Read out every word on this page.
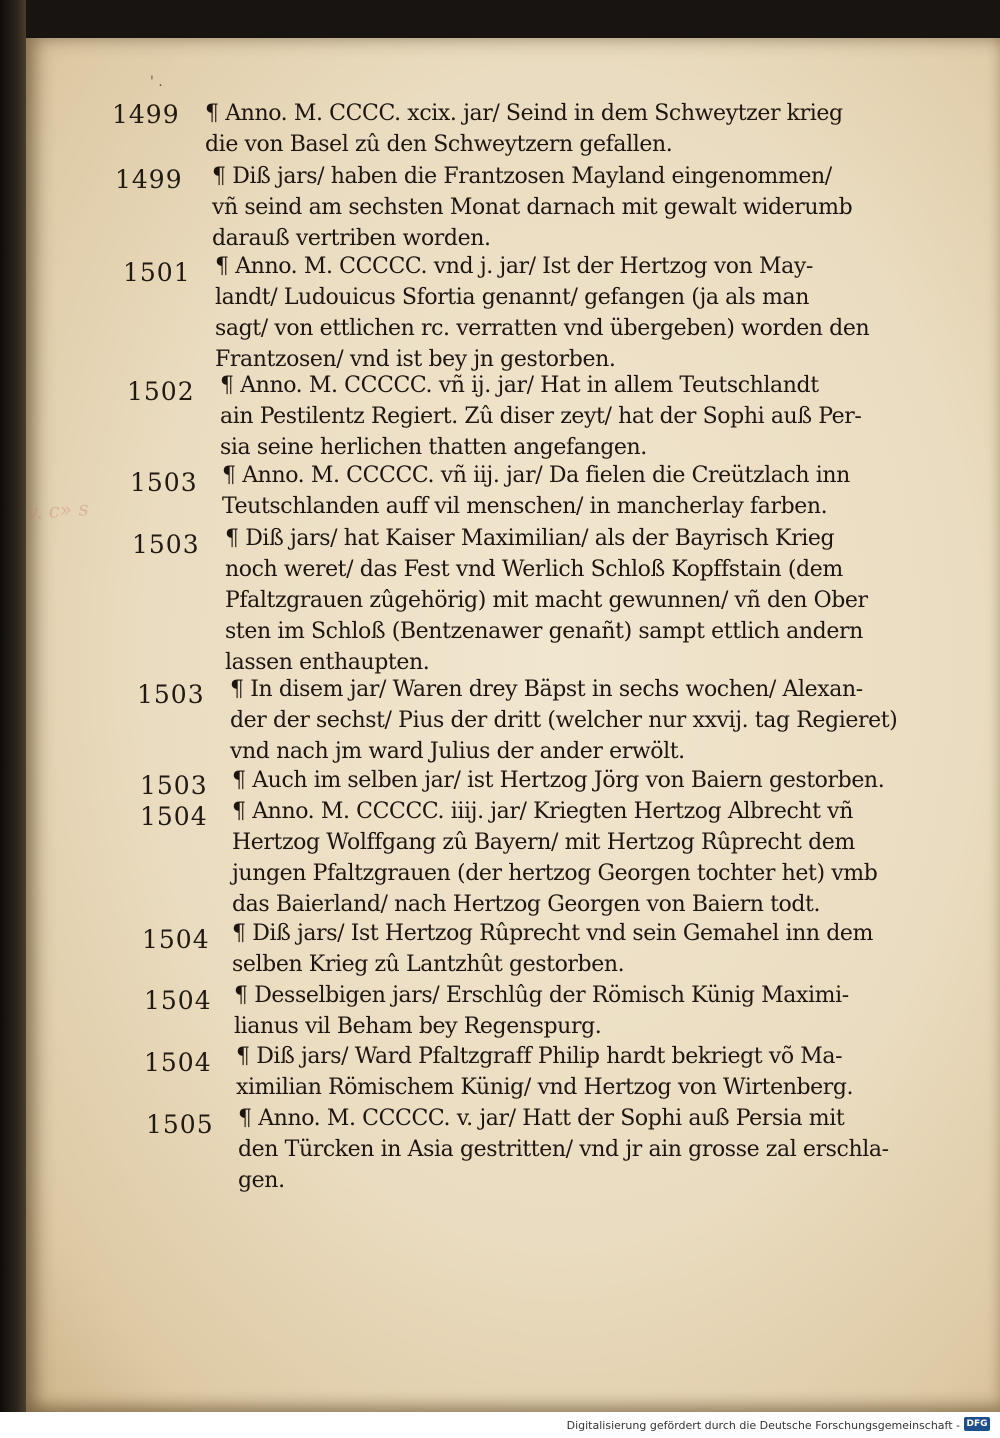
' .
v. c» s
1499	¶ Anno. M. CCCC. xcix. jar/ Seind in dem Schweytzer krieg
die von Basel zû den Schweytzern gefallen.
1499	¶ Diß jars/ haben die Frantzosen Mayland eingenommen/
vñ seind am sechsten Monat darnach mit gewalt widerumb
darauß vertriben worden.
1501	¶ Anno. M. CCCCC. vnd j. jar/ Ist der Hertzog von May-
landt/ Ludouicus Sfortia genannt/ gefangen (ja als man
sagt/ von ettlichen rc. verratten vnd übergeben) worden den
Frantzosen/ vnd ist bey jn gestorben.
1502	¶ Anno. M. CCCCC. vñ ij. jar/ Hat in allem Teutschlandt
ain Pestilentz Regiert. Zû diser zeyt/ hat der Sophi auß Per-
sia seine herlichen thatten angefangen.
1503	¶ Anno. M. CCCCC. vñ iij. jar/ Da fielen die Creützlach inn
Teutschlanden auff vil menschen/ in mancherlay farben.
1503	¶ Diß jars/ hat Kaiser Maximilian/ als der Bayrisch Krieg
noch weret/ das Fest vnd Werlich Schloß Kopffstain (dem
Pfaltzgrauen zûgehörig) mit macht gewunnen/ vñ den Ober
sten im Schloß (Bentzenawer genañt) sampt ettlich andern
lassen enthaupten.
1503	¶ In disem jar/ Waren drey Bäpst in sechs wochen/ Alexan-
der der sechst/ Pius der dritt (welcher nur xxvij. tag Regieret)
vnd nach jm ward Julius der ander erwölt.
1503	¶ Auch im selben jar/ ist Hertzog Jörg von Baiern gestorben.
1504	¶ Anno. M. CCCCC. iiij. jar/ Kriegten Hertzog Albrecht vñ
Hertzog Wolffgang zû Bayern/ mit Hertzog Rûprecht dem
jungen Pfaltzgrauen (der hertzog Georgen tochter het) vmb
das Baierland/ nach Hertzog Georgen von Baiern todt.
1504	¶ Diß jars/ Ist Hertzog Rûprecht vnd sein Gemahel inn dem
selben Krieg zû Lantzhût gestorben.
1504	¶ Desselbigen jars/ Erschlûg der Römisch Künig Maximi-
lianus vil Beham bey Regenspurg.
1504	¶ Diß jars/ Ward Pfaltzgraff Philip hardt bekriegt võ Ma-
ximilian Römischem Künig/ vnd Hertzog von Wirtenberg.
1505	¶ Anno. M. CCCCC. v. jar/ Hatt der Sophi auß Persia mit
den Türcken in Asia gestritten/ vnd jr ain grosse zal erschla-
gen.
Digitalisierung gefördert durch die Deutsche Forschungsgemeinschaft - DFG
